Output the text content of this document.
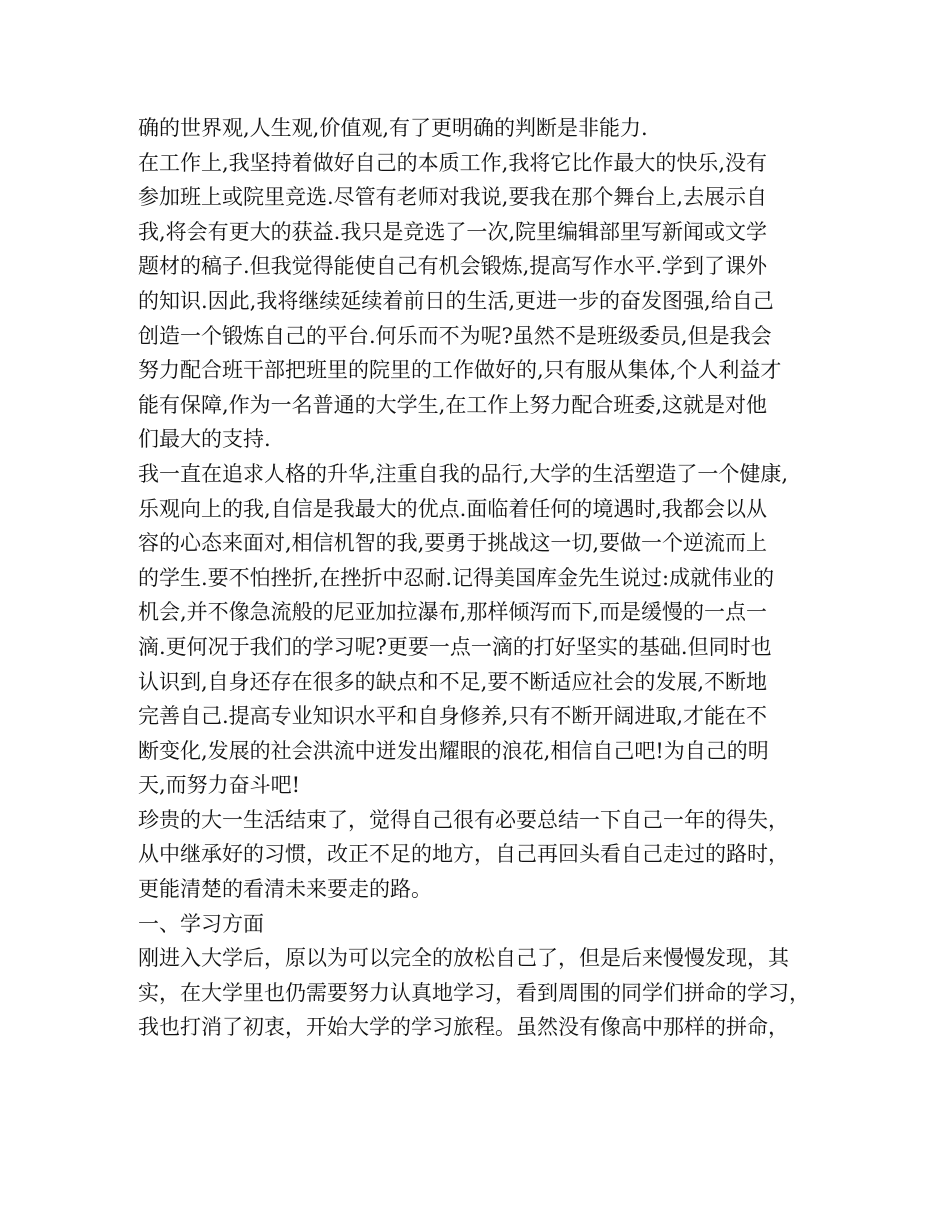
确的世界观,人生观,价值观,有了更明确的判断是非能力.
在工作上,我坚持着做好自己的本质工作,我将它比作最大的快乐,没有
参加班上或院里竞选.尽管有老师对我说,要我在那个舞台上,去展示自
我,将会有更大的获益.我只是竞选了一次,院里编辑部里写新闻或文学
题材的稿子.但我觉得能使自己有机会锻炼,提高写作水平.学到了课外
的知识.因此,我将继续延续着前日的生活,更进一步的奋发图强,给自己
创造一个锻炼自己的平台.何乐而不为呢?虽然不是班级委员,但是我会
努力配合班干部把班里的院里的工作做好的,只有服从集体,个人利益才
能有保障,作为一名普通的大学生,在工作上努力配合班委,这就是对他
们最大的支持.
我一直在追求人格的升华,注重自我的品行,大学的生活塑造了一个健康,
乐观向上的我,自信是我最大的优点.面临着任何的境遇时,我都会以从
容的心态来面对,相信机智的我,要勇于挑战这一切,要做一个逆流而上
的学生.要不怕挫折,在挫折中忍耐.记得美国库金先生说过:成就伟业的
机会,并不像急流般的尼亚加拉瀑布,那样倾泻而下,而是缓慢的一点一
滴.更何况于我们的学习呢?更要一点一滴的打好坚实的基础.但同时也
认识到,自身还存在很多的缺点和不足,要不断适应社会的发展,不断地
完善自己.提高专业知识水平和自身修养,只有不断开阔进取,才能在不
断变化,发展的社会洪流中迸发出耀眼的浪花,相信自己吧!为自己的明
天,而努力奋斗吧!
珍贵的大一生活结束了，觉得自己很有必要总结一下自己一年的得失，
从中继承好的习惯，改正不足的地方，自己再回头看自己走过的路时，
更能清楚的看清未来要走的路。
一、学习方面
刚进入大学后，原以为可以完全的放松自己了，但是后来慢慢发现，其
实，在大学里也仍需要努力认真地学习，看到周围的同学们拼命的学习，
我也打消了初衷，开始大学的学习旅程。虽然没有像高中那样的拼命，
